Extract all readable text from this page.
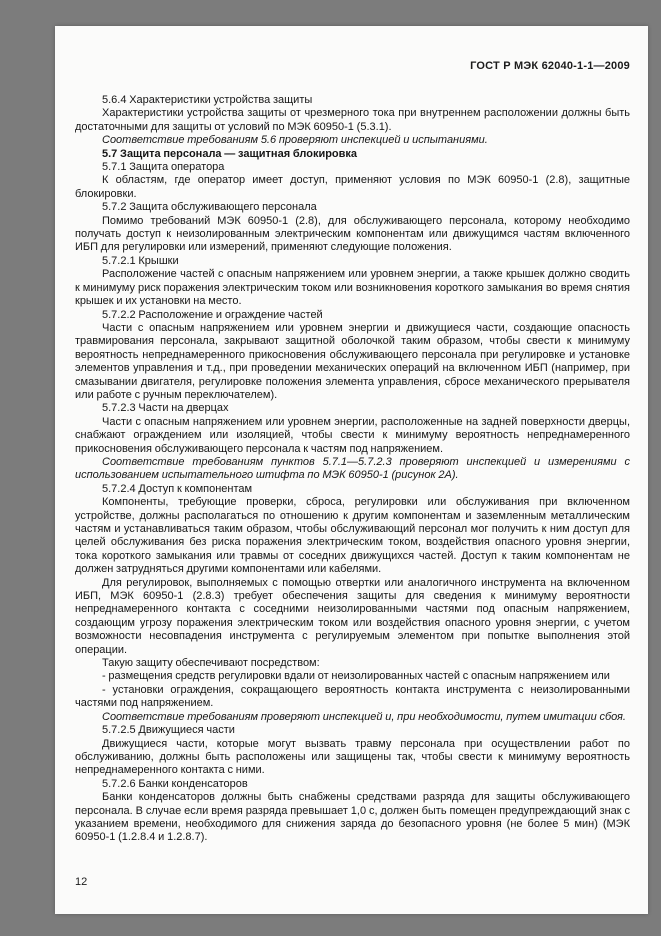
ГОСТ Р МЭК 62040-1-1—2009

5.6.4 Характеристики устройства защиты

Характеристики устройства защиты от чрезмерного тока при внутреннем расположении должны быть достаточными для защиты от условий по МЭК 60950-1 (5.3.1).

Соответствие требованиям 5.6 проверяют инспекцией и испытаниями.

5.7 Защита персонала — защитная блокировка

5.7.1 Защита оператора

К областям, где оператор имеет доступ, применяют условия по МЭК 60950-1 (2.8), защитные блокировки.

5.7.2 Защита обслуживающего персонала

Помимо требований МЭК 60950-1 (2.8), для обслуживающего персонала, которому необходимо получать доступ к неизолированным электрическим компонентам или движущимся частям включенного ИБП для регулировки или измерений, применяют следующие положения.

5.7.2.1 Крышки

Расположение частей с опасным напряжением или уровнем энергии, а также крышек должно сводить к минимуму риск поражения электрическим током или возникновения короткого замыкания во время снятия крышек и их установки на место.

5.7.2.2 Расположение и ограждение частей

Части с опасным напряжением или уровнем энергии и движущиеся части, создающие опасность травмирования персонала, закрывают защитной оболочкой таким образом, чтобы свести к минимуму вероятность непреднамеренного прикосновения обслуживающего персонала при регулировке и установке элементов управления и т.д., при проведении механических операций на включенном ИБП (например, при смазывании двигателя, регулировке положения элемента управления, сбросе механического прерывателя или работе с ручным переключателем).

5.7.2.3 Части на дверцах

Части с опасным напряжением или уровнем энергии, расположенные на задней поверхности дверцы, снабжают ограждением или изоляцией, чтобы свести к минимуму вероятность непреднамеренного прикосновения обслуживающего персонала к частям под напряжением.

Соответствие требованиям пунктов 5.7.1—5.7.2.3 проверяют инспекцией и измерениями с использованием испытательного штифта по МЭК 60950-1 (рисунок 2А).

5.7.2.4 Доступ к компонентам

Компоненты, требующие проверки, сброса, регулировки или обслуживания при включенном устройстве, должны располагаться по отношению к другим компонентам и заземленным металлическим частям и устанавливаться таким образом, чтобы обслуживающий персонал мог получить к ним доступ для целей обслуживания без риска поражения электрическим током, воздействия опасного уровня энергии, тока короткого замыкания или травмы от соседних движущихся частей. Доступ к таким компонентам не должен затрудняться другими компонентами или кабелями.

Для регулировок, выполняемых с помощью отвертки или аналогичного инструмента на включенном ИБП, МЭК 60950-1 (2.8.3) требует обеспечения защиты для сведения к минимуму вероятности непреднамеренного контакта с соседними неизолированными частями под опасным напряжением, создающим угрозу поражения электрическим током или воздействия опасного уровня энергии, с учетом возможности несовпадения инструмента с регулируемым элементом при попытке выполнения этой операции.

Такую защиту обеспечивают посредством:

- размещения средств регулировки вдали от неизолированных частей с опасным напряжением или

- установки ограждения, сокращающего вероятность контакта инструмента с неизолированными частями под напряжением.

Соответствие требованиям проверяют инспекцией и, при необходимости, путем имитации сбоя.

5.7.2.5 Движущиеся части

Движущиеся части, которые могут вызвать травму персонала при осуществлении работ по обслуживанию, должны быть расположены или защищены так, чтобы свести к минимуму вероятность непреднамеренного контакта с ними.

5.7.2.6 Банки конденсаторов

Банки конденсаторов должны быть снабжены средствами разряда для защиты обслуживающего персонала. В случае если время разряда превышает 1,0 с, должен быть помещен предупреждающий знак с указанием времени, необходимого для снижения заряда до безопасного уровня (не более 5 мин) (МЭК 60950-1 (1.2.8.4 и 1.2.8.7).

12
